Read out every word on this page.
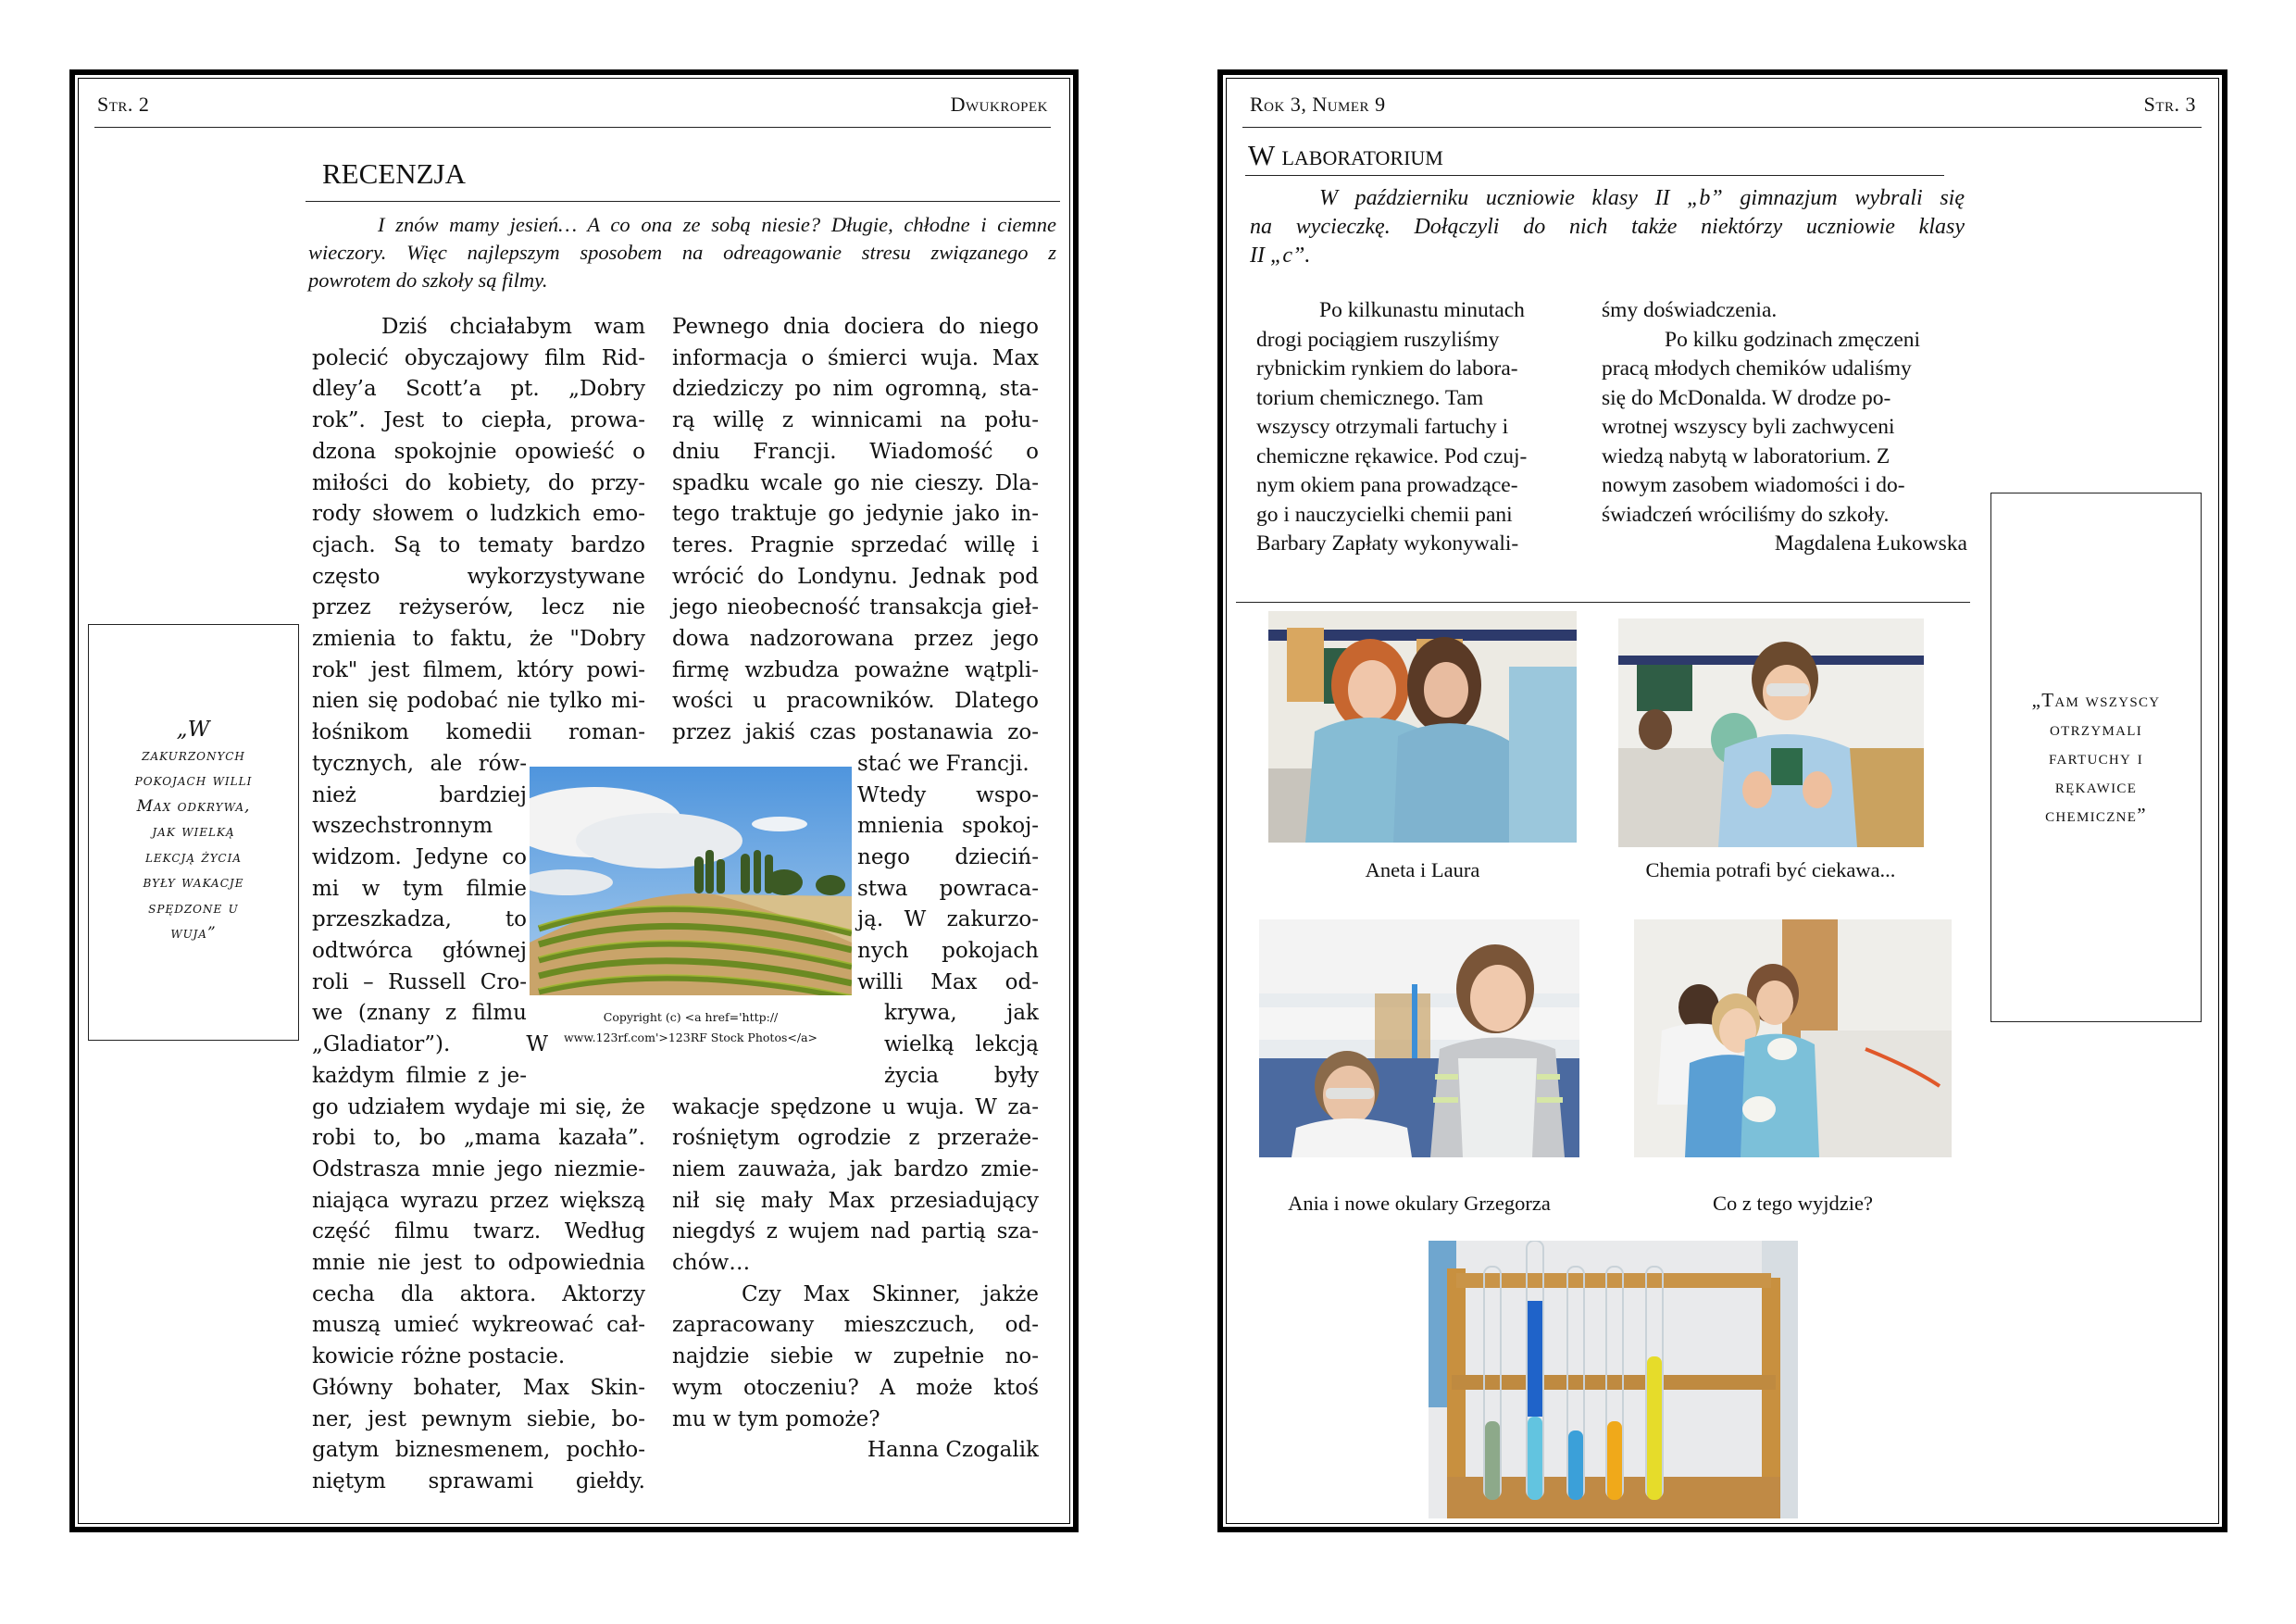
Str. 2	Dwukropek
RECENZJA
I znów mamy jesień… A co ona ze sobą niesie? Długie, chłodne i ciemne
wieczory. Więc najlepszym sposobem na odreagowanie stresu związanego z
powrotem do szkoły są filmy.
Dziś chciałabym wam
polecić obyczajowy film Rid-
dley’a Scott’a pt. „Dobry
rok”. Jest to ciepła, prowa-
dzona spokojnie opowieść o
miłości do kobiety, do przy-
rody słowem o ludzkich emo-
cjach. Są to tematy bardzo
często wykorzystywane
przez reżyserów, lecz nie
zmienia to faktu, że "Dobry
rok" jest filmem, który powi-
nien się podobać nie tylko mi-
łośnikom komedii roman-
tycznych, ale rów-
nież bardziej
wszechstronnym
widzom. Jedyne co
mi w tym filmie
przeszkadza, to
odtwórca głównej
roli – Russell Cro-
we (znany z filmu
„Gladiator”). W
każdym filmie z je-
go udziałem wydaje mi się, że
robi to, bo „mama kazała”.
Odstrasza mnie jego niezmie-
niająca wyrazu przez większą
część filmu twarz. Według
mnie nie jest to odpowiednia
cecha dla aktora. Aktorzy
muszą umieć wykreować cał-
kowicie różne postacie.
Główny bohater, Max Skin-
ner, jest pewnym siebie, bo-
gatym biznesmenem, pochło-
niętym sprawami giełdy.
Pewnego dnia dociera do niego
informacja o śmierci wuja. Max
dziedziczy po nim ogromną, sta-
rą willę z winnicami na połu-
dniu Francji. Wiadomość o
spadku wcale go nie cieszy. Dla-
tego traktuje go jedynie jako in-
teres. Pragnie sprzedać willę i
wrócić do Londynu. Jednak pod
jego nieobecność transakcja gieł-
dowa nadzorowana przez jego
firmę wzbudza poważne wątpli-
wości u pracowników. Dlatego
przez jakiś czas postanawia zo-
stać we Francji.
Wtedy wspo-
mnienia spokoj-
nego dzieciń-
stwa powraca-
ją. W zakurzo-
nych pokojach
willi Max od-
krywa, jak
wielką lekcją
życia były
wakacje spędzone u wuja. W za-
rośniętym ogrodzie z przeraże-
niem zauważa, jak bardzo zmie-
nił się mały Max przesiadujący
niegdyś z wujem nad partią sza-
chów…
Czy Max Skinner, jakże
zapracowany mieszczuch, od-
najdzie siebie w zupełnie no-
wym otoczeniu? A może ktoś
mu w tym pomoże?
Hanna Czogalik
Copyright (c) <a href='http://
www.123rf.com'>123RF Stock Photos</a>
„W
zakurzonych
pokojach willi
Max odkrywa,
jak wielką
lekcją życia
były wakacje
spędzone u
wuja”
Rok 3, Numer 9	Str. 3
W laboratorium
W październiku uczniowie klasy II „b” gimnazjum wybrali się
na wycieczkę. Dołączyli do nich także niektórzy uczniowie klasy
II „c”.
Po kilkunastu minutach
drogi pociągiem ruszyliśmy
rybnickim rynkiem do labora-
torium chemicznego. Tam
wszyscy otrzymali fartuchy i
chemiczne rękawice. Pod czuj-
nym okiem pana prowadzące-
go i nauczycielki chemii pani
Barbary Zapłaty wykonywali-
śmy doświadczenia.
Po kilku godzinach zmęczeni
pracą młodych chemików udaliśmy
się do McDonalda. W drodze po-
wrotnej wszyscy byli zachwyceni
wiedzą nabytą w laboratorium. Z
nowym zasobem wiadomości i do-
świadczeń wróciliśmy do szkoły.
Magdalena Łukowska
Aneta i Laura	Chemia potrafi być ciekawa...
Ania i nowe okulary Grzegorza	Co z tego wyjdzie?
„Tam wszyscy
otrzymali
fartuchy i
rękawice
chemiczne”
